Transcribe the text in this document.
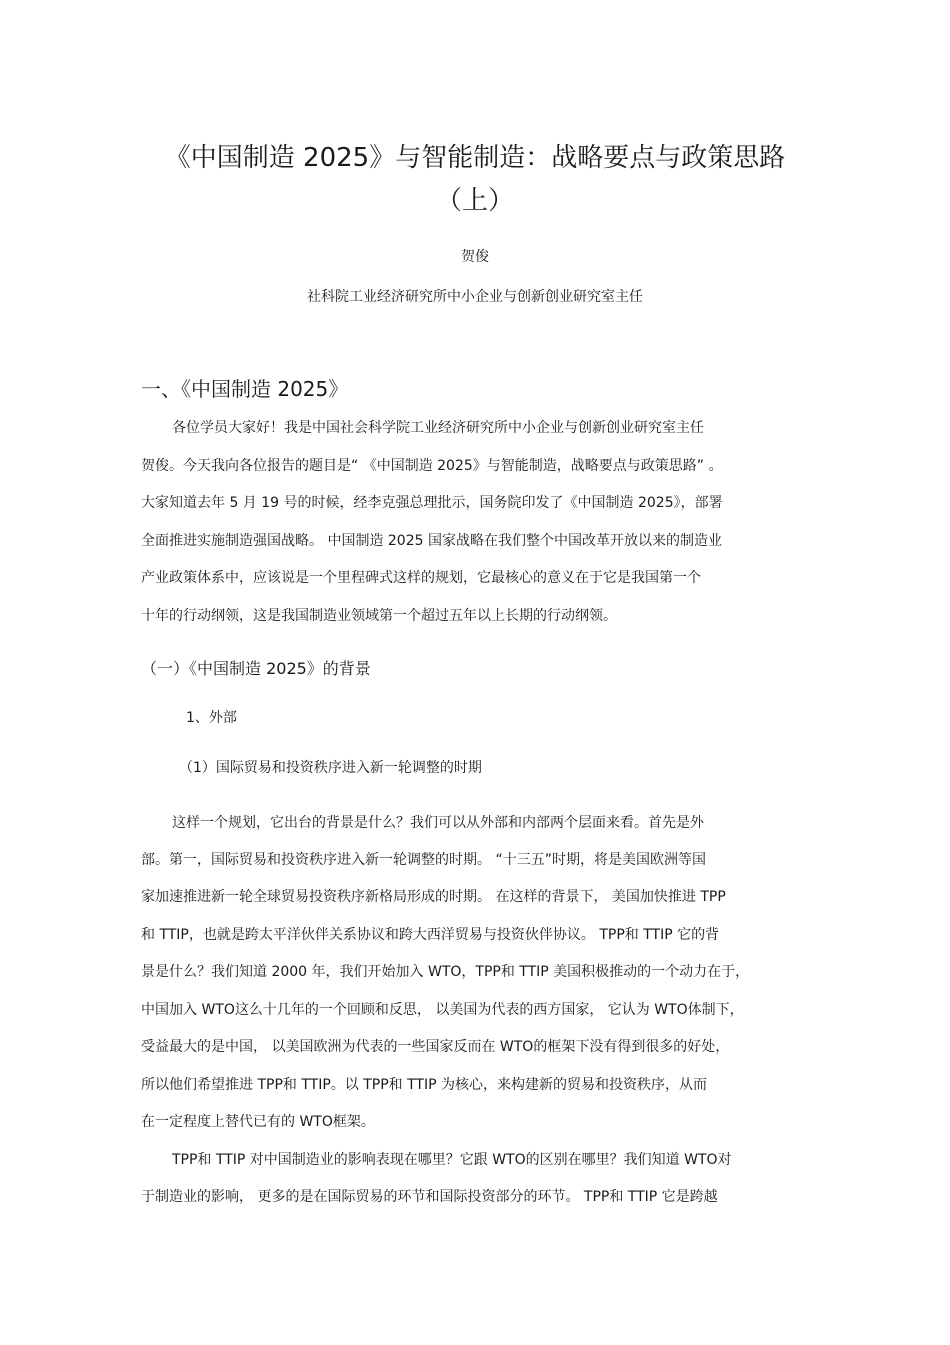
《中国制造 2025》与智能制造：战略要点与政策思路
（上）
贺俊
社科院工业经济研究所中小企业与创新创业研究室主任
一、《中国制造 2025》
各位学员大家好！我是中国社会科学院工业经济研究所中小企业与创新创业研究室主任
贺俊。今天我向各位报告的题目是“ 《中国制造 2025》与智能制造，战略要点与政策思路” 。
大家知道去年 5 月 19 号的时候，经李克强总理批示，国务院印发了《中国制造 2025》，部署
全面推进实施制造强国战略。 中国制造 2025 国家战略在我们整个中国改革开放以来的制造业
产业政策体系中，应该说是一个里程碑式这样的规划，它最核心的意义在于它是我国第一个
十年的行动纲领，这是我国制造业领域第一个超过五年以上长期的行动纲领。
（一）《中国制造 2025》的背景
1、外部
（1）国际贸易和投资秩序进入新一轮调整的时期
这样一个规划，它出台的背景是什么？我们可以从外部和内部两个层面来看。首先是外
部。第一，国际贸易和投资秩序进入新一轮调整的时期。 “十三五”时期，将是美国欧洲等国
家加速推进新一轮全球贸易投资秩序新格局形成的时期。 在这样的背景下， 美国加快推进 TPP
和 TTIP，也就是跨太平洋伙伴关系协议和跨大西洋贸易与投资伙伴协议。 TPP和 TTIP 它的背
景是什么？我们知道 2000 年，我们开始加入 WTO，TPP和 TTIP 美国积极推动的一个动力在于，
中国加入 WTO这么十几年的一个回顾和反思， 以美国为代表的西方国家， 它认为 WTO体制下，
受益最大的是中国， 以美国欧洲为代表的一些国家反而在 WTO的框架下没有得到很多的好处，
所以他们希望推进 TPP和 TTIP。以 TPP和 TTIP 为核心，来构建新的贸易和投资秩序，从而
在一定程度上替代已有的 WTO框架。
TPP和 TTIP 对中国制造业的影响表现在哪里？它跟 WTO的区别在哪里？我们知道 WTO对
于制造业的影响， 更多的是在国际贸易的环节和国际投资部分的环节。 TPP和 TTIP 它是跨越
